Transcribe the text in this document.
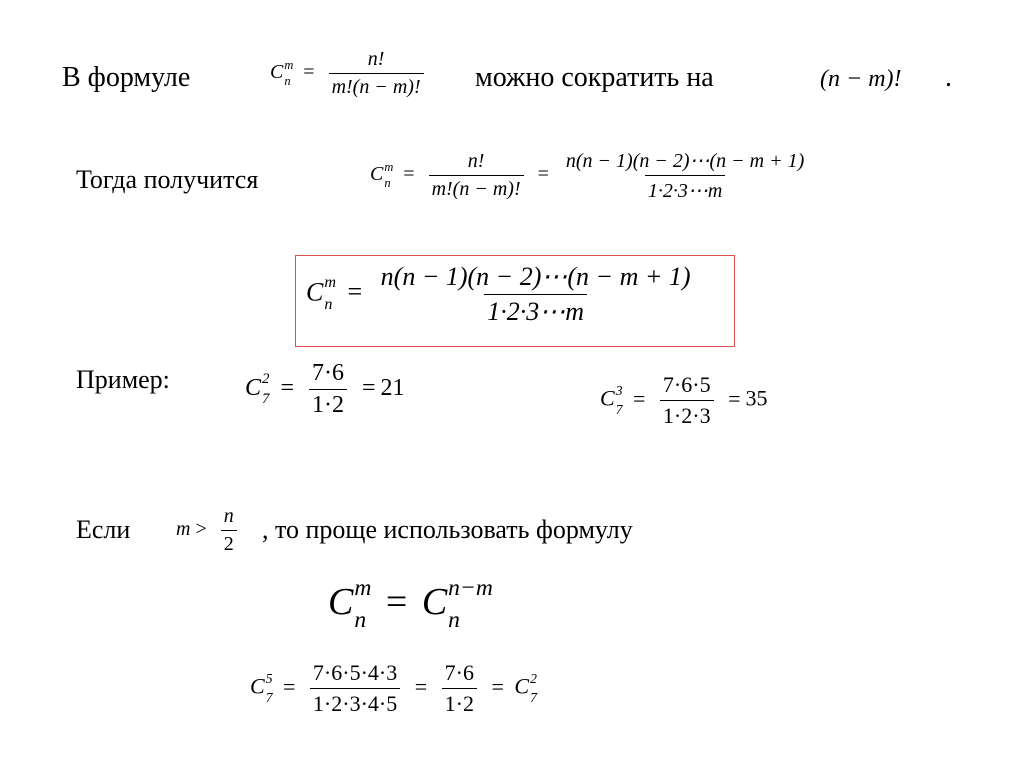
В формуле	C m
$n = \frac{n!}{m!(n - m)!}$ можно сократить на	(n − m)! .
Тогда получится	C m
$n = \frac{n!}{m!(n - m)!} = \frac{n(n - 1)(n - 2)\cdots(n - m + 1)}{1\cdot 2\cdot 3\cdots m}$
C m
$n = \frac{n(n - 1)(n - 2)\cdots(n - m + 1)}{1\cdot 2\cdot 3\cdots m}$
Пример:	C 2
$7 = \frac{7\cdot 6}{1\cdot 2} = 21$	C 3
$7 = \frac{7\cdot 6\cdot 5}{1\cdot 2\cdot 3} = 35$
Если $m > \frac{n}{2}$ , то проще использовать формулу
C m
n = C n−m
n
C 5
$7 = \frac{7\cdot 6\cdot 5\cdot 4\cdot 3}{1\cdot 2\cdot 3\cdot 4\cdot 5} = \frac{7\cdot 6}{1\cdot 2} = C$ 2
7
